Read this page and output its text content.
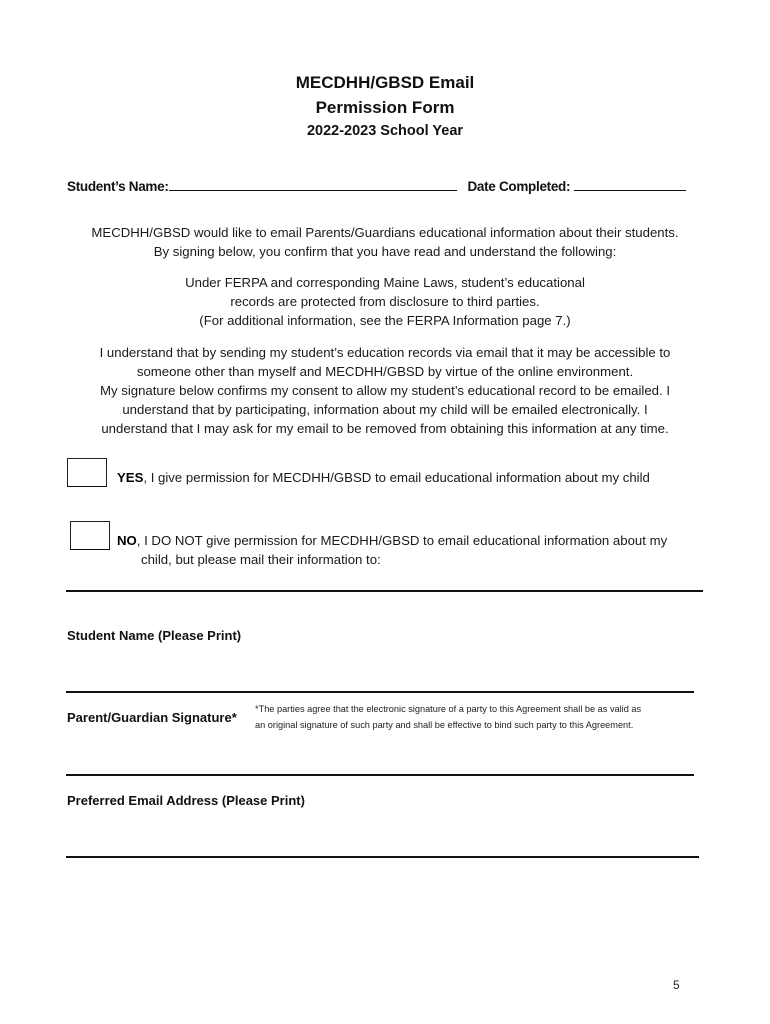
MECDHH/GBSD Email
Permission Form
2022-2023 School Year
Student’s Name:	Date Completed:
MECDHH/GBSD would like to email Parents/Guardians educational information about their students.
By signing below, you confirm that you have read and understand the following:
Under FERPA and corresponding Maine Laws, student’s educational
records are protected from disclosure to third parties.
(For additional information, see the FERPA Information page 7.)
I understand that by sending my student’s education records via email that it may be accessible to
someone other than myself and MECDHH/GBSD by virtue of the online environment.
My signature below confirms my consent to allow my student’s educational record to be emailed. I
understand that by participating, information about my child will be emailed electronically. I
understand that I may ask for my email to be removed from obtaining this information at any time.
YES, I give permission for MECDHH/GBSD to email educational information about my child
NO, I DO NOT give permission for MECDHH/GBSD to email educational information about my
child, but please mail their information to:
Student Name (Please Print)
Parent/Guardian Signature*
*The parties agree that the electronic signature of a party to this Agreement shall be as valid as
an original signature of such party and shall be effective to bind such party to this Agreement.
Preferred Email Address (Please Print)
5
